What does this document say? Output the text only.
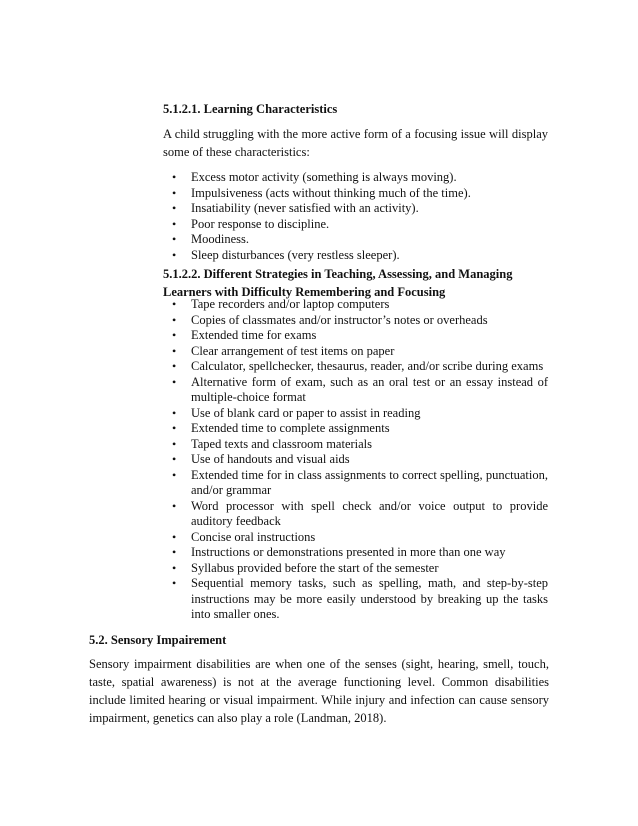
5.1.2.1. Learning Characteristics

A child struggling with the more active form of a focusing issue will display some of these characteristics:

• Excess motor activity (something is always moving).
• Impulsiveness (acts without thinking much of the time).
• Insatiability (never satisfied with an activity).
• Poor response to discipline.
• Moodiness.
• Sleep disturbances (very restless sleeper).
5.1.2.2. Different Strategies in Teaching, Assessing, and Managing Learners with Difficulty Remembering and Focusing
• Tape recorders and/or laptop computers
• Copies of classmates and/or instructor’s notes or overheads
• Extended time for exams
• Clear arrangement of test items on paper
• Calculator, spellchecker, thesaurus, reader, and/or scribe during exams
• Alternative form of exam, such as an oral test or an essay instead of multiple-choice format
• Use of blank card or paper to assist in reading
• Extended time to complete assignments
• Taped texts and classroom materials
• Use of handouts and visual aids
• Extended time for in class assignments to correct spelling, punctuation, and/or grammar
• Word processor with spell check and/or voice output to provide auditory feedback
• Concise oral instructions
• Instructions or demonstrations presented in more than one way
• Syllabus provided before the start of the semester
• Sequential memory tasks, such as spelling, math, and step-by-step instructions may be more easily understood by breaking up the tasks into smaller ones.
5.2. Sensory Impairement

Sensory impairment disabilities are when one of the senses (sight, hearing, smell, touch, taste, spatial awareness) is not at the average functioning level. Common disabilities include limited hearing or visual impairment. While injury and infection can cause sensory impairment, genetics can also play a role (Landman, 2018).
